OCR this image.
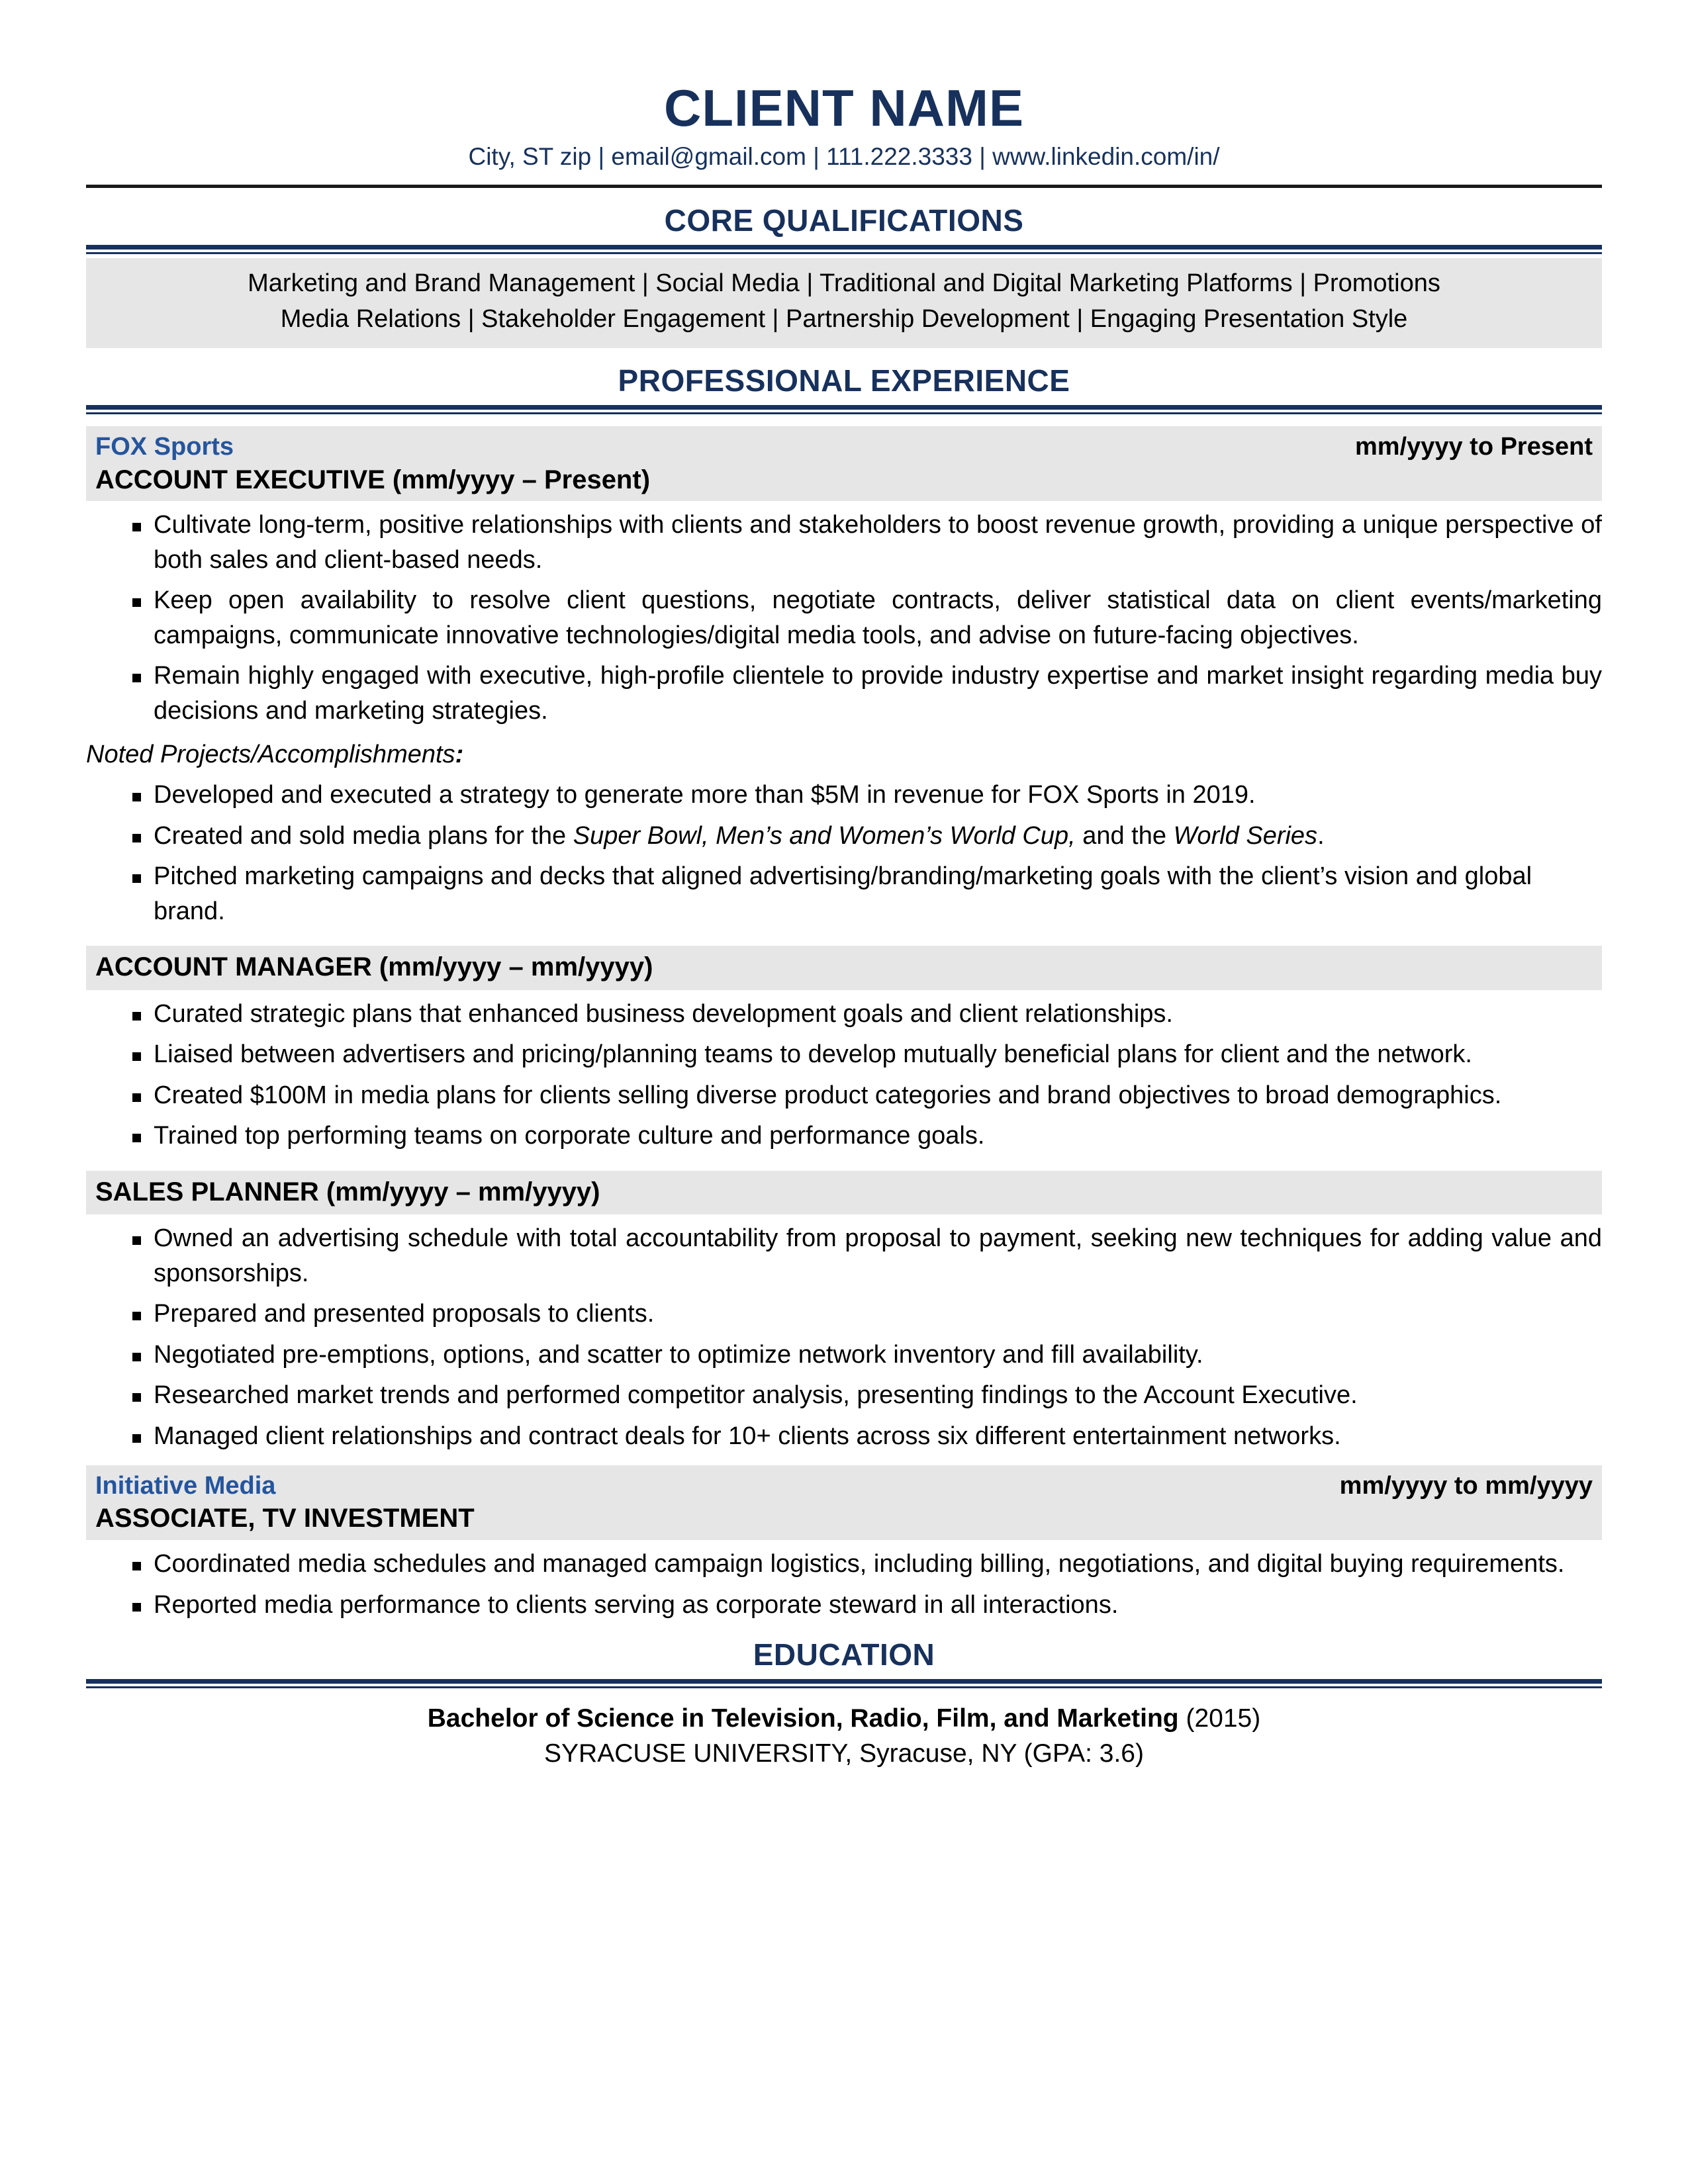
CLIENT NAME
City, ST zip | email@gmail.com | 111.222.3333 | www.linkedin.com/in/
CORE QUALIFICATIONS
Marketing and Brand Management | Social Media | Traditional and Digital Marketing Platforms | Promotions
Media Relations | Stakeholder Engagement | Partnership Development | Engaging Presentation Style
PROFESSIONAL EXPERIENCE
FOX Sports	mm/yyyy to Present
ACCOUNT EXECUTIVE (mm/yyyy – Present)
Cultivate long-term, positive relationships with clients and stakeholders to boost revenue growth, providing a unique perspective of both sales and client-based needs.
Keep open availability to resolve client questions, negotiate contracts, deliver statistical data on client events/marketing campaigns, communicate innovative technologies/digital media tools, and advise on future-facing objectives.
Remain highly engaged with executive, high-profile clientele to provide industry expertise and market insight regarding media buy decisions and marketing strategies.
Noted Projects/Accomplishments:
Developed and executed a strategy to generate more than $5M in revenue for FOX Sports in 2019.
Created and sold media plans for the Super Bowl, Men’s and Women’s World Cup, and the World Series.
Pitched marketing campaigns and decks that aligned advertising/branding/marketing goals with the client’s vision and global brand.
ACCOUNT MANAGER (mm/yyyy – mm/yyyy)
Curated strategic plans that enhanced business development goals and client relationships.
Liaised between advertisers and pricing/planning teams to develop mutually beneficial plans for client and the network.
Created $100M in media plans for clients selling diverse product categories and brand objectives to broad demographics.
Trained top performing teams on corporate culture and performance goals.
SALES PLANNER (mm/yyyy – mm/yyyy)
Owned an advertising schedule with total accountability from proposal to payment, seeking new techniques for adding value and sponsorships.
Prepared and presented proposals to clients.
Negotiated pre-emptions, options, and scatter to optimize network inventory and fill availability.
Researched market trends and performed competitor analysis, presenting findings to the Account Executive.
Managed client relationships and contract deals for 10+ clients across six different entertainment networks.
Initiative Media	mm/yyyy to mm/yyyy
ASSOCIATE, TV INVESTMENT
Coordinated media schedules and managed campaign logistics, including billing, negotiations, and digital buying requirements.
Reported media performance to clients serving as corporate steward in all interactions.
EDUCATION
Bachelor of Science in Television, Radio, Film, and Marketing (2015)
SYRACUSE UNIVERSITY, Syracuse, NY (GPA: 3.6)
